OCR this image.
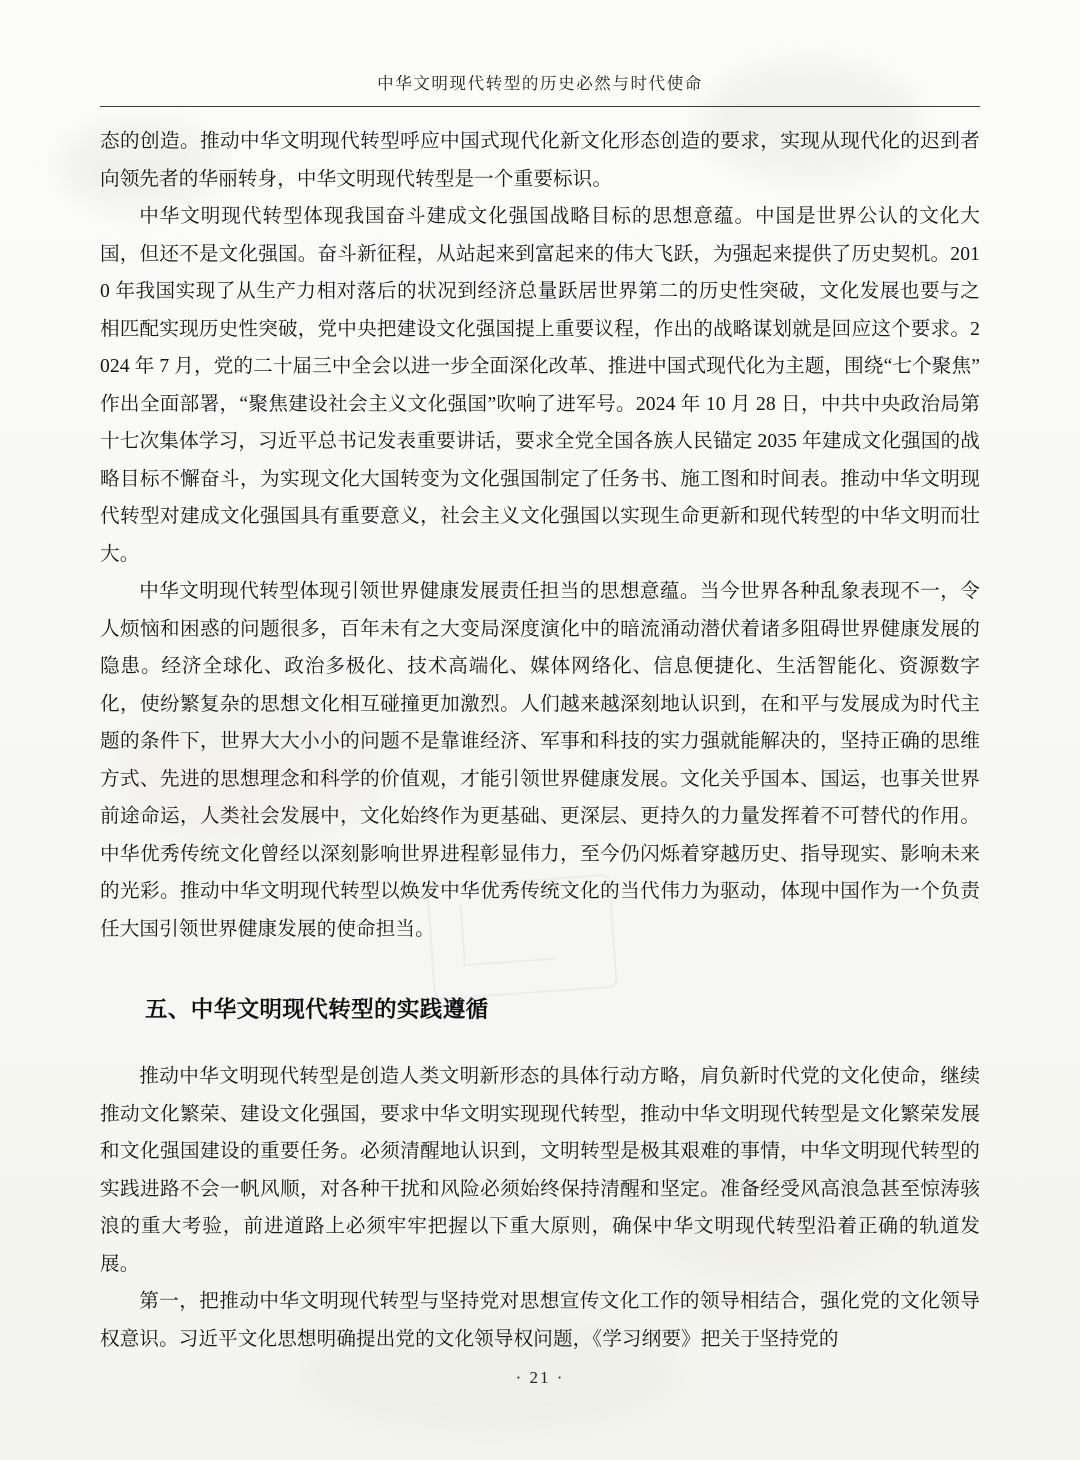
中华文明现代转型的历史必然与时代使命

态的创造。推动中华文明现代转型呼应中国式现代化新文化形态创造的要求，实现从现代化的迟到者向领先者的华丽转身，中华文明现代转型是一个重要标识。

中华文明现代转型体现我国奋斗建成文化强国战略目标的思想意蕴。中国是世界公认的文化大国，但还不是文化强国。奋斗新征程，从站起来到富起来的伟大飞跃，为强起来提供了历史契机。2010 年我国实现了从生产力相对落后的状况到经济总量跃居世界第二的历史性突破，文化发展也要与之相匹配实现历史性突破，党中央把建设文化强国提上重要议程，作出的战略谋划就是回应这个要求。2024 年 7 月，党的二十届三中全会以进一步全面深化改革、推进中国式现代化为主题，围绕“七个聚焦”作出全面部署，“聚焦建设社会主义文化强国”吹响了进军号。2024 年 10 月 28 日，中共中央政治局第十七次集体学习，习近平总书记发表重要讲话，要求全党全国各族人民锚定 2035 年建成文化强国的战略目标不懈奋斗，为实现文化大国转变为文化强国制定了任务书、施工图和时间表。推动中华文明现代转型对建成文化强国具有重要意义，社会主义文化强国以实现生命更新和现代转型的中华文明而壮大。

中华文明现代转型体现引领世界健康发展责任担当的思想意蕴。当今世界各种乱象表现不一，令人烦恼和困惑的问题很多，百年未有之大变局深度演化中的暗流涌动潜伏着诸多阻碍世界健康发展的隐患。经济全球化、政治多极化、技术高端化、媒体网络化、信息便捷化、生活智能化、资源数字化，使纷繁复杂的思想文化相互碰撞更加激烈。人们越来越深刻地认识到，在和平与发展成为时代主题的条件下，世界大大小小的问题不是靠谁经济、军事和科技的实力强就能解决的，坚持正确的思维方式、先进的思想理念和科学的价值观，才能引领世界健康发展。文化关乎国本、国运，也事关世界前途命运，人类社会发展中，文化始终作为更基础、更深层、更持久的力量发挥着不可替代的作用。中华优秀传统文化曾经以深刻影响世界进程彰显伟力，至今仍闪烁着穿越历史、指导现实、影响未来的光彩。推动中华文明现代转型以焕发中华优秀传统文化的当代伟力为驱动，体现中国作为一个负责任大国引领世界健康发展的使命担当。

五、中华文明现代转型的实践遵循

推动中华文明现代转型是创造人类文明新形态的具体行动方略，肩负新时代党的文化使命，继续推动文化繁荣、建设文化强国，要求中华文明实现现代转型，推动中华文明现代转型是文化繁荣发展和文化强国建设的重要任务。必须清醒地认识到，文明转型是极其艰难的事情，中华文明现代转型的实践进路不会一帆风顺，对各种干扰和风险必须始终保持清醒和坚定。准备经受风高浪急甚至惊涛骇浪的重大考验，前进道路上必须牢牢把握以下重大原则，确保中华文明现代转型沿着正确的轨道发展。

第一，把推动中华文明现代转型与坚持党对思想宣传文化工作的领导相结合，强化党的文化领导权意识。习近平文化思想明确提出党的文化领导权问题，《学习纲要》把关于坚持党的

· 21 ·
